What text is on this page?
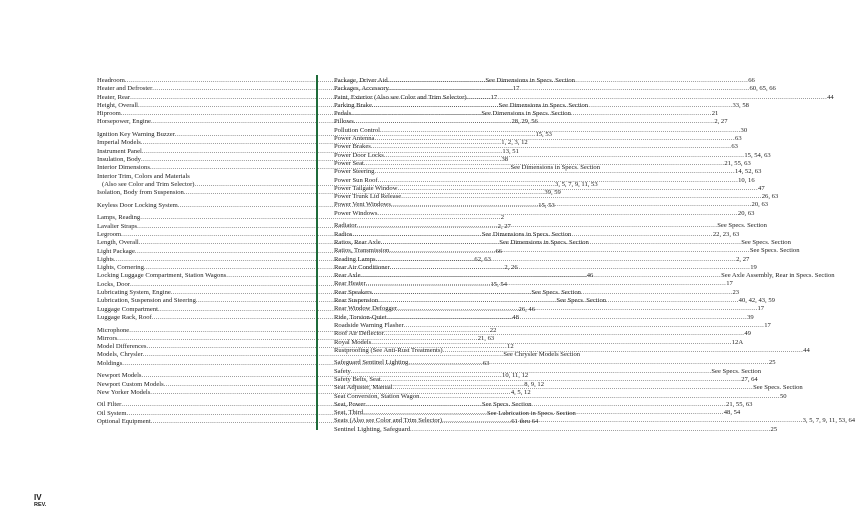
Headroom .....	See Dimensions in Specs. Section
Heater and Defroster .....	17
Heater, Rear .....	17
Height, Overall .....	See Dimensions in Specs. Section
Hiproom .....	See Dimensions in Specs. Section
Horsepower, Engine .....	28, 29, 56
Ignition Key Warning Buzzer .....	15, 53
Imperial Models .....	1, 2, 3, 12
Instrument Panel .....	13, 51
Insulation, Body .....	38
Interior Dimensions .....	See Dimensions in Specs. Section
Interior Trim, Colors and Materials
(Also see Color and Trim Selector) .....	3, 5, 7, 9, 11, 53
Isolation, Body from Suspension .....	39, 59
Keyless Door Locking System .....	15, 53
Lamps, Reading .....	2
Lavalier Straps .....	2, 27
Legroom .....	See Dimensions in Specs. Section
Length, Overall .....	See Dimensions in Specs. Section
Light Package .....	66
Lights .....	62, 63
Lights, Cornering .....	2, 26
Locking Luggage Compartment, Station Wagons .....	46
Locks, Door .....	15, 54
Lubricating System, Engine .....	See Specs. Section
Lubrication, Suspension and Steering .....	See Specs. Section
Luggage Compartment .....	26, 46
Luggage Rack, Roof .....	48
Microphone .....	22
Mirrors .....	21, 63
Model Differences .....	12
Models, Chrysler .....	See Chrysler Models Section
Moldings .....	63
Newport Models .....	10, 11, 12
Newport Custom Models .....	8, 9, 12
New Yorker Models .....	4, 5, 12
Oil Filter .....	See Specs. Section
Oil System .....	See Lubrication in Specs. Section
Optional Equipment .....	61 thru 64
Package, Driver Aid .....	66
Packages, Accessory .....	60, 65, 66
Paint, Exterior (Also see Color and Trim Selector) .....	44
Parking Brake .....	33, 58
Pedals .....	21
Pillows .....	2, 27
Pollution Control .....	30
Power Antenna .....	63
Power Brakes .....	63
Power Door Locks .....	15, 54, 63
Power Seat .....	21, 55, 63
Power Steering .....	14, 52, 63
Power Sun Roof .....	10, 16
Power Tailgate Window .....	47
Power Trunk Lid Release .....	26, 63
Power Vent Windows .....	20, 63
Power Windows .....	20, 63
Radiator .....	See Specs. Section
Radios .....	22, 23, 63
Ratios, Rear Axle .....	See Specs. Section
Ratios, Transmission .....	See Specs. Section
Reading Lamps .....	2, 27
Rear Air Conditioner .....	19
Rear Axle .....	See Axle Assembly, Rear in Specs. Section
Rear Heater .....	17
Rear Speakers .....	23
Rear Suspension .....	40, 42, 43, 59
Rear Window Defogger .....	17
Ride, Torsion-Quiet .....	39
Roadside Warning Flasher .....	17
Roof Air Deflector .....	49
Royal Models .....	12A
Rustproofing (See Anti-Rust Treatments) .....	44
Safeguard Sentinel Lighting .....	25
Safety .....	See Specs. Section
Safety Belts, Seat .....	27, 64
Seat Adjuster, Manual .....	See Specs. Section
Seat Conversion, Station Wagon .....	50
Seat, Power .....	21, 55, 63
Seat, Third .....	48, 54
Seats (Also see Color and Trim Selector) .....	3, 5, 7, 9, 11, 53, 64
Sentinel Lighting, Safeguard .....	25
IV
REV.
